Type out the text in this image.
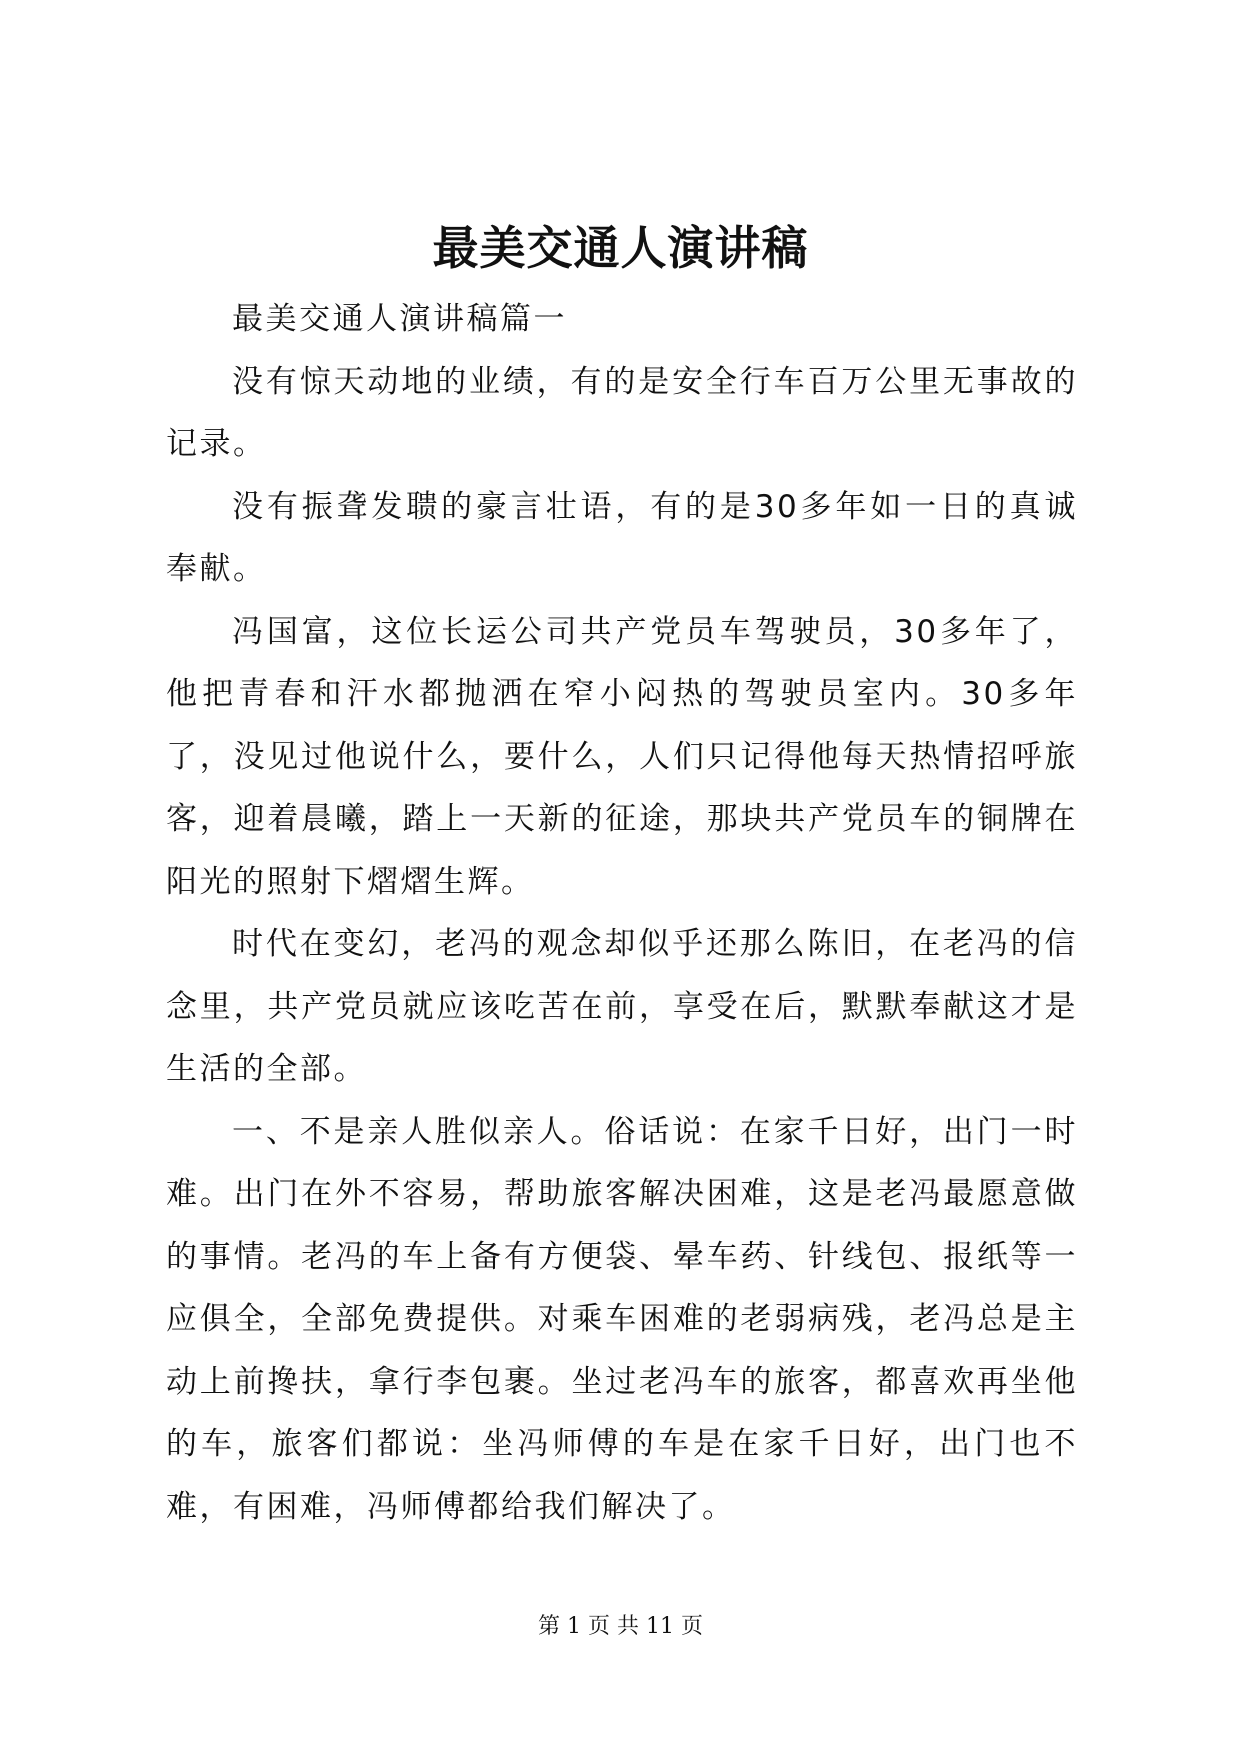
最美交通人演讲稿

最美交通人演讲稿篇一

没有惊天动地的业绩，有的是安全行车百万公里无事故的记录。

没有振聋发聩的豪言壮语，有的是30多年如一日的真诚奉献。

冯国富，这位长运公司共产党员车驾驶员，30多年了，他把青春和汗水都抛洒在窄小闷热的驾驶员室内。30多年了，没见过他说什么，要什么，人们只记得他每天热情招呼旅客，迎着晨曦，踏上一天新的征途，那块共产党员车的铜牌在阳光的照射下熠熠生辉。

时代在变幻，老冯的观念却似乎还那么陈旧，在老冯的信念里，共产党员就应该吃苦在前，享受在后，默默奉献这才是生活的全部。

一、不是亲人胜似亲人。俗话说：在家千日好，出门一时难。出门在外不容易，帮助旅客解决困难，这是老冯最愿意做的事情。老冯的车上备有方便袋、晕车药、针线包、报纸等一应俱全，全部免费提供。对乘车困难的老弱病残，老冯总是主动上前搀扶，拿行李包裹。坐过老冯车的旅客，都喜欢再坐他的车，旅客们都说：坐冯师傅的车是在家千日好，出门也不难，有困难，冯师傅都给我们解决了。

第 1 页 共 11 页
